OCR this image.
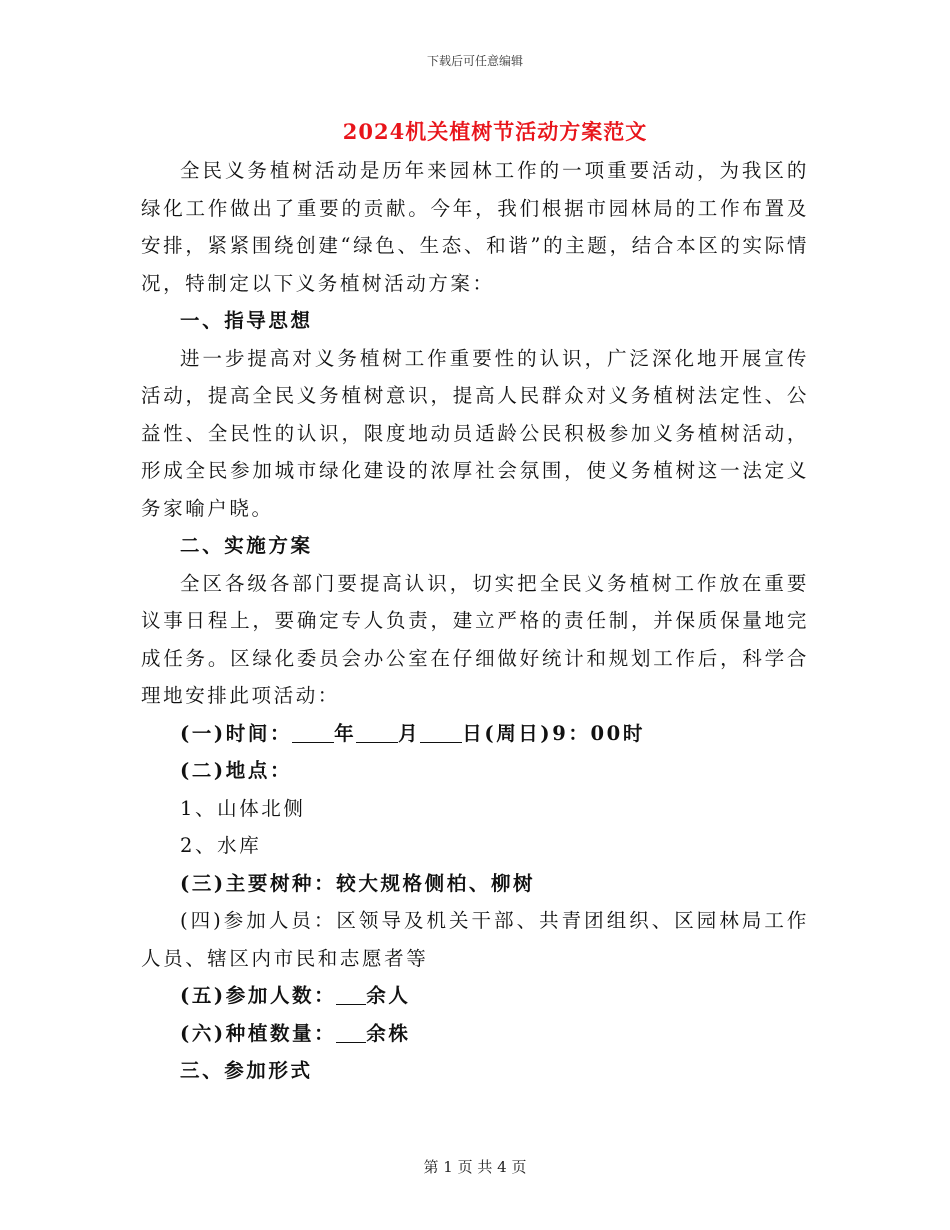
下载后可任意编辑
2024机关植树节活动方案范文

全民义务植树活动是历年来园林工作的一项重要活动，为我区的绿化工作做出了重要的贡献。今年，我们根据市园林局的工作布置及安排，紧紧围绕创建“绿色、生态、和谐”的主题，结合本区的实际情况，特制定以下义务植树活动方案：

一、指导思想

进一步提高对义务植树工作重要性的认识，广泛深化地开展宣传活动，提高全民义务植树意识，提高人民群众对义务植树法定性、公益性、全民性的认识，限度地动员适龄公民积极参加义务植树活动，形成全民参加城市绿化建设的浓厚社会氛围，使义务植树这一法定义务家喻户晓。

二、实施方案

全区各级各部门要提高认识，切实把全民义务植树工作放在重要议事日程上，要确定专人负责，建立严格的责任制，并保质保量地完成任务。区绿化委员会办公室在仔细做好统计和规划工作后，科学合理地安排此项活动：

(一)时间： 年 月 日(周日)9：00时

(二)地点：

1、山体北侧

2、水库

(三)主要树种：较大规格侧柏、柳树

(四)参加人员：区领导及机关干部、共青团组织、区园林局工作人员、辖区内市民和志愿者等

(五)参加人数： 余人

(六)种植数量： 余株

三、参加形式

第 1 页 共 4 页
